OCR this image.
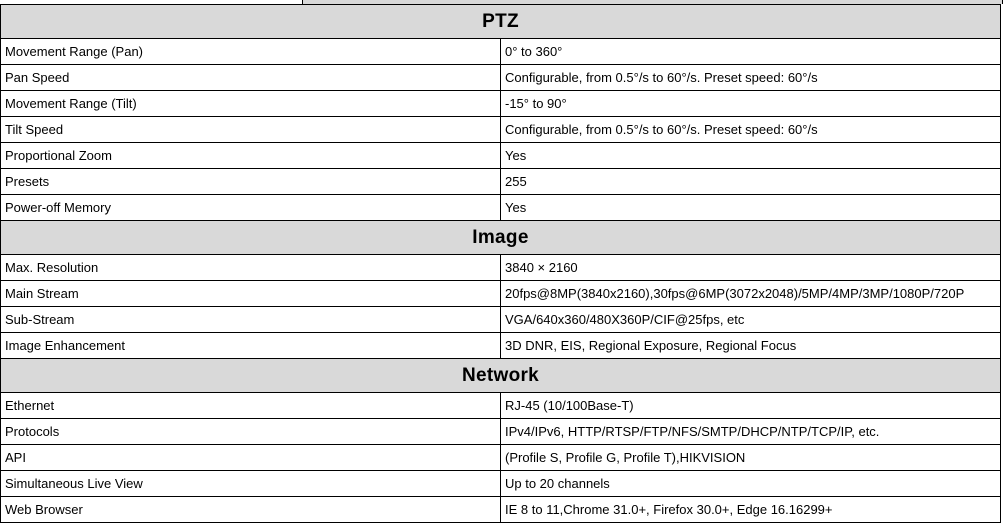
PTZ	
Movement Range (Pan)	0° to 360°
Pan Speed	Configurable, from 0.5°/s to 60°/s. Preset speed: 60°/s
Movement Range (Tilt)	-15° to 90°
Tilt Speed	Configurable, from 0.5°/s to 60°/s. Preset speed: 60°/s
Proportional Zoom	Yes
Presets	255
Power-off Memory	Yes
Image	
Max. Resolution	3840 × 2160
Main Stream	20fps@8MP(3840x2160),30fps@6MP(3072x2048)/5MP/4MP/3MP/1080P/720P
Sub-Stream	VGA/640x360/480X360P/CIF@25fps, etc
Image Enhancement	3D DNR, EIS, Regional Exposure, Regional Focus
Network	
Ethernet	RJ-45 (10/100Base-T)
Protocols	IPv4/IPv6, HTTP/RTSP/FTP/NFS/SMTP/DHCP/NTP/TCP/IP, etc.
API	(Profile S, Profile G, Profile T),HIKVISION
Simultaneous Live View	Up to 20 channels
Web Browser	IE 8 to 11,Chrome 31.0+, Firefox 30.0+, Edge 16.16299+
